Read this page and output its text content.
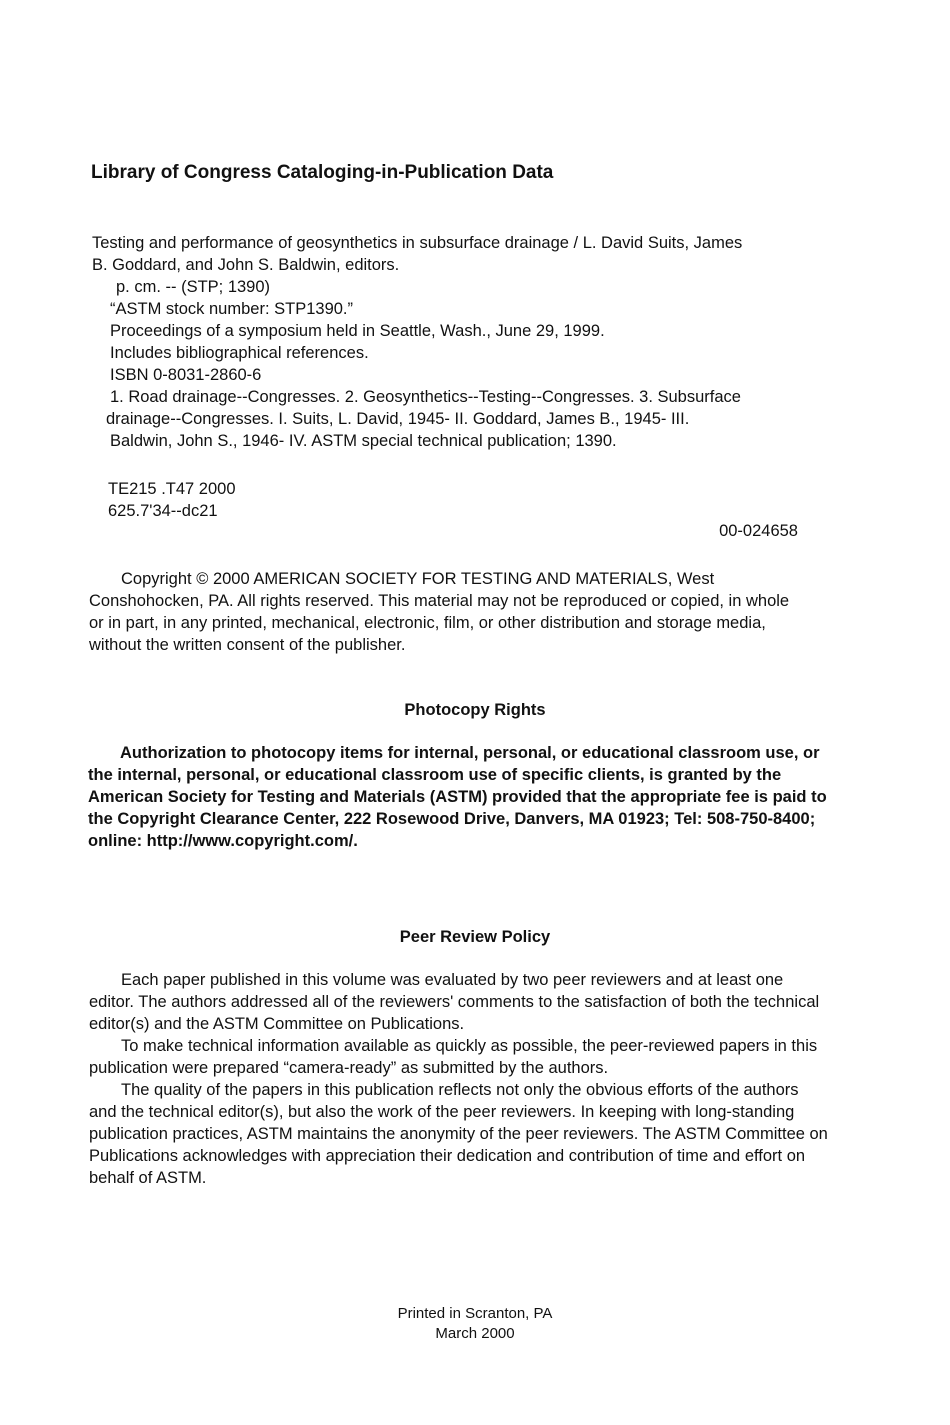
Library of Congress Cataloging-in-Publication Data
Testing and performance of geosynthetics in subsurface drainage / L. David Suits, James
B. Goddard, and John S. Baldwin, editors.
p. cm. -- (STP; 1390)
“ASTM stock number: STP1390.”
Proceedings of a symposium held in Seattle, Wash., June 29, 1999.
Includes bibliographical references.
ISBN 0-8031-2860-6
1. Road drainage--Congresses. 2. Geosynthetics--Testing--Congresses. 3. Subsurface
drainage--Congresses. I. Suits, L. David, 1945- II. Goddard, James B., 1945- III.
Baldwin, John S., 1946- IV. ASTM special technical publication; 1390.
TE215 .T47 2000
625.7'34--dc21
00-024658
Copyright © 2000 AMERICAN SOCIETY FOR TESTING AND MATERIALS, West
Conshohocken, PA. All rights reserved. This material may not be reproduced or copied, in whole
or in part, in any printed, mechanical, electronic, film, or other distribution and storage media,
without the written consent of the publisher.
Photocopy Rights
Authorization to photocopy items for internal, personal, or educational classroom use, or
the internal, personal, or educational classroom use of specific clients, is granted by the
American Society for Testing and Materials (ASTM) provided that the appropriate fee is paid to
the Copyright Clearance Center, 222 Rosewood Drive, Danvers, MA 01923; Tel: 508-750-8400;
online: http://www.copyright.com/.
Peer Review Policy
Each paper published in this volume was evaluated by two peer reviewers and at least one
editor. The authors addressed all of the reviewers' comments to the satisfaction of both the technical
editor(s) and the ASTM Committee on Publications.
To make technical information available as quickly as possible, the peer-reviewed papers in this
publication were prepared “camera-ready” as submitted by the authors.
The quality of the papers in this publication reflects not only the obvious efforts of the authors
and the technical editor(s), but also the work of the peer reviewers. In keeping with long-standing
publication practices, ASTM maintains the anonymity of the peer reviewers. The ASTM Committee on
Publications acknowledges with appreciation their dedication and contribution of time and effort on
behalf of ASTM.
Printed in Scranton, PA
March 2000
